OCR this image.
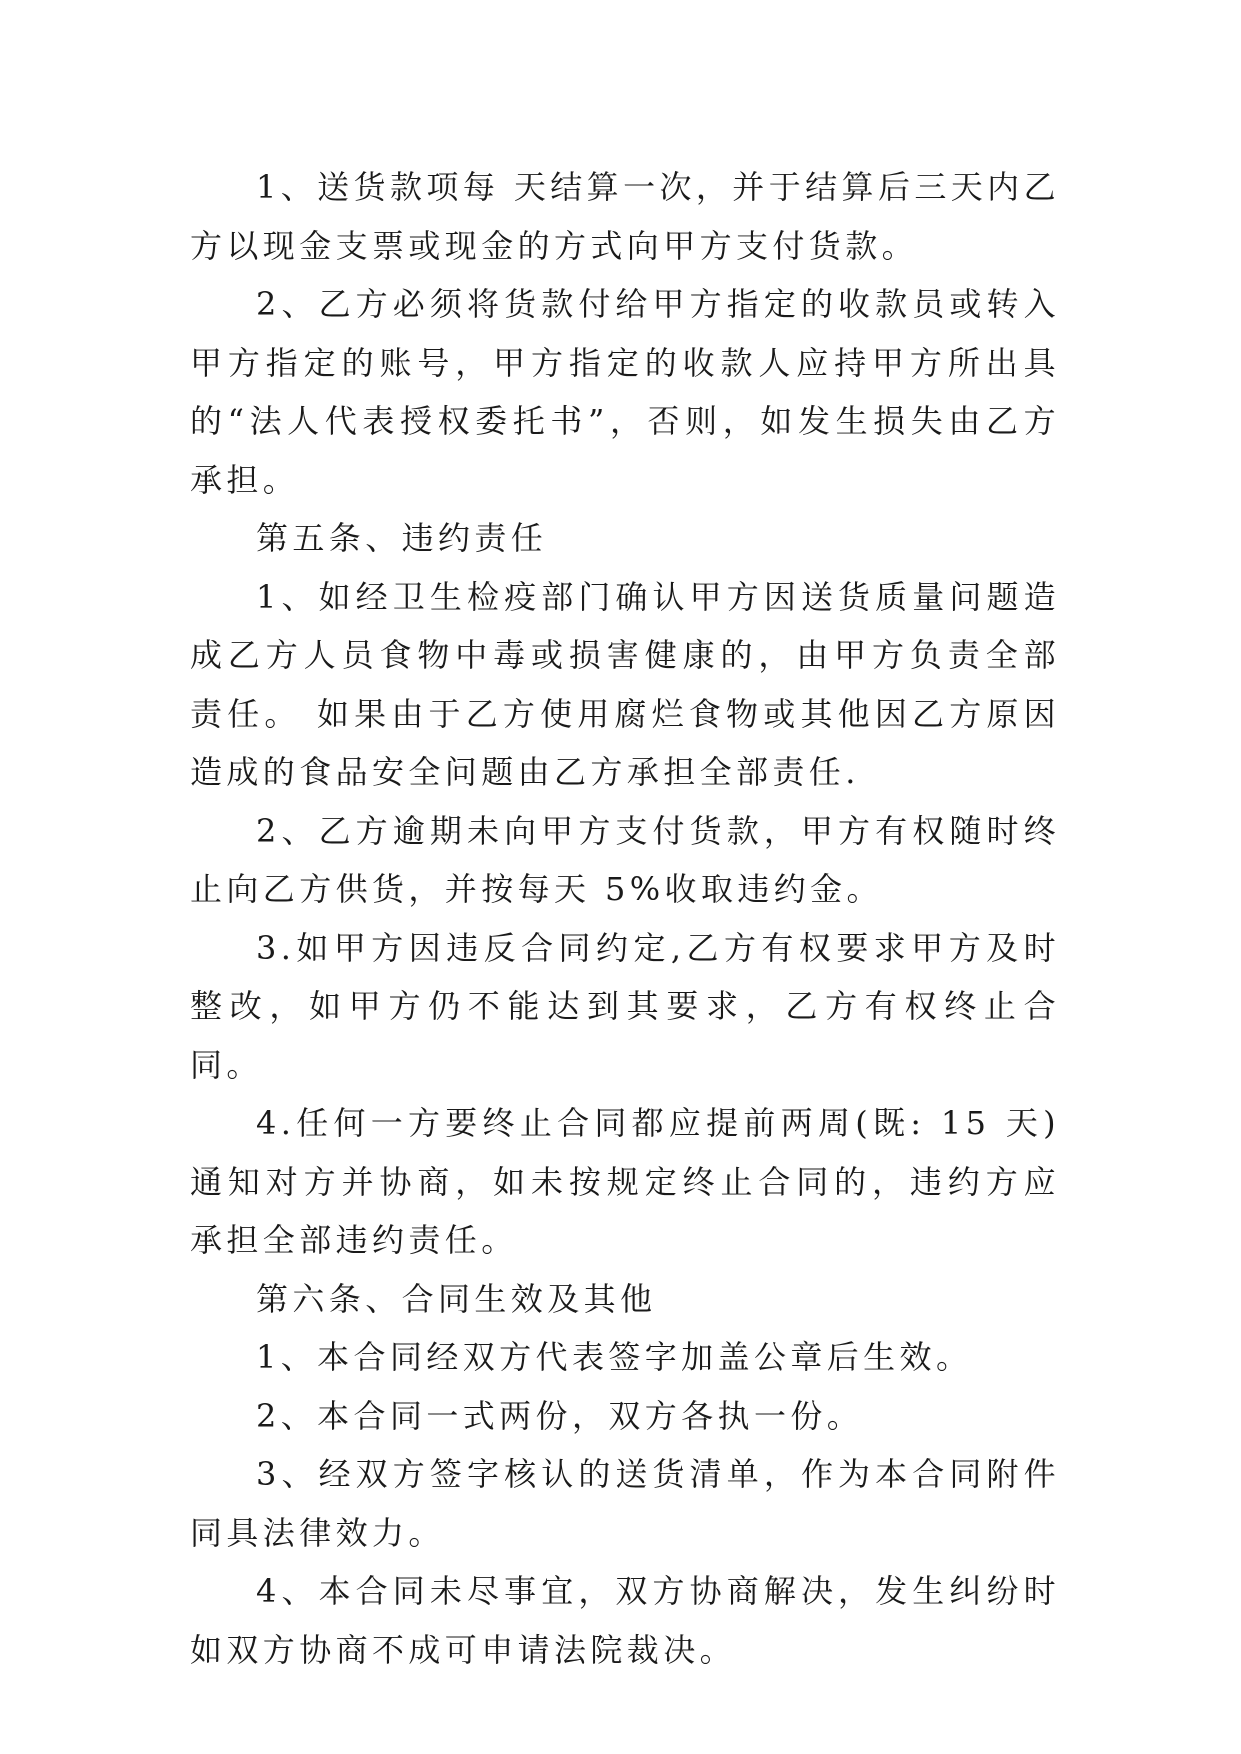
1、送货款项每 天结算一次，并于结算后三天内乙方以现金支票或现金的方式向甲方支付货款。

2、乙方必须将货款付给甲方指定的收款员或转入甲方指定的账号，甲方指定的收款人应持甲方所出具的“法人代表授权委托书”，否则，如发生损失由乙方承担。

第五条、违约责任

1、如经卫生检疫部门确认甲方因送货质量问题造成乙方人员食物中毒或损害健康的，由甲方负责全部责任。 如果由于乙方使用腐烂食物或其他因乙方原因造成的食品安全问题由乙方承担全部责任.

2、乙方逾期未向甲方支付货款，甲方有权随时终止向乙方供货，并按每天 5%收取违约金。

3.如甲方因违反合同约定,乙方有权要求甲方及时整改，如甲方仍不能达到其要求，乙方有权终止合同。

4.任何一方要终止合同都应提前两周(既: 15 天)通知对方并协商，如未按规定终止合同的，违约方应承担全部违约责任。

第六条、合同生效及其他

1、本合同经双方代表签字加盖公章后生效。

2、本合同一式两份，双方各执一份。

3、经双方签字核认的送货清单，作为本合同附件同具法律效力。

4、本合同未尽事宜，双方协商解决，发生纠纷时如双方协商不成可申请法院裁决。
